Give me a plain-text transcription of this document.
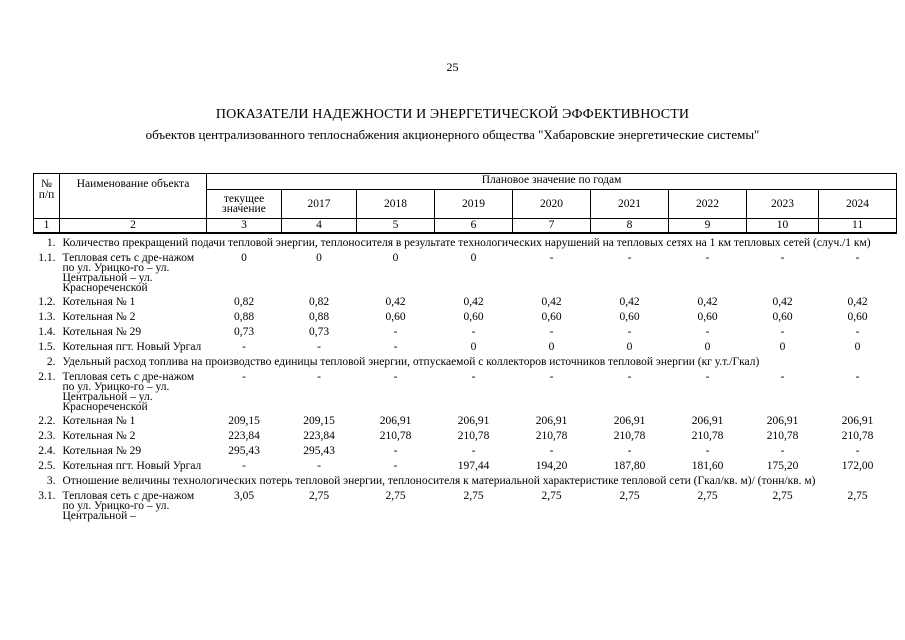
25
ПОКАЗАТЕЛИ НАДЕЖНОСТИ И ЭНЕРГЕТИЧЕСКОЙ ЭФФЕКТИВНОСТИ
объектов централизованного теплоснабжения акционерного общества "Хабаровские энергетические системы"
№ п/п	Наименование объекта	Плановое значение по годам								
		текущее значение	2017	2018	2019	2020	2021	2022	2023	2024
1	2	3	4	5	6	7	8	9	10	11
1.	Количество прекращений подачи тепловой энергии, теплоносителя в результате технологических нарушений на тепловых сетях на 1 км тепловых сетей (случ./1 км)									
1.1.	Тепловая сеть с дре-нажом по ул. Урицко-го – ул. Центральной – ул. Краснореченской	0	0	0	0	-	-	-	-	-
1.2.	Котельная № 1	0,82	0,82	0,42	0,42	0,42	0,42	0,42	0,42	0,42
1.3.	Котельная № 2	0,88	0,88	0,60	0,60	0,60	0,60	0,60	0,60	0,60
1.4.	Котельная № 29	0,73	0,73	-	-	-	-	-	-	-
1.5.	Котельная пгт. Новый Ургал	-	-	-	0	0	0	0	0	0
2.	Удельный расход топлива на производство единицы тепловой энергии, отпускаемой с коллекторов источников тепловой энергии (кг у.т./Гкал)									
2.1.	Тепловая сеть с дре-нажом по ул. Урицко-го – ул. Центральной – ул. Краснореченской	-	-	-	-	-	-	-	-	-
2.2.	Котельная № 1	209,15	209,15	206,91	206,91	206,91	206,91	206,91	206,91	206,91
2.3.	Котельная № 2	223,84	223,84	210,78	210,78	210,78	210,78	210,78	210,78	210,78
2.4.	Котельная № 29	295,43	295,43	-	-	-	-	-	-	-
2.5.	Котельная пгт. Новый Ургал	-	-	-	197,44	194,20	187,80	181,60	175,20	172,00
3.	Отношение величины технологических потерь тепловой энергии, теплоносителя к материальной характеристике тепловой сети (Гкал/кв. м)/ (тонн/кв. м)									
3.1.	Тепловая сеть с дре-нажом по ул. Урицко-го – ул. Центральной –	3,05	2,75	2,75	2,75	2,75	2,75	2,75	2,75	2,75
